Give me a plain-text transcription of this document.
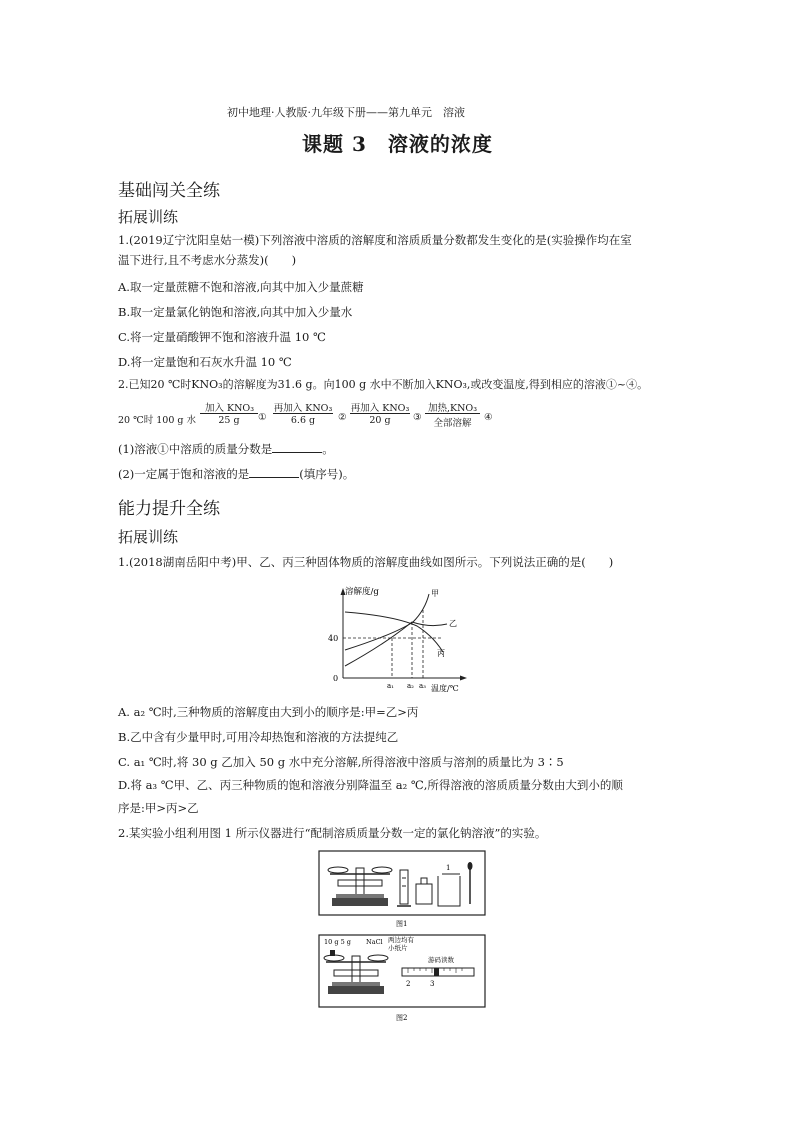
初中地理·人教版·九年级下册——第九单元　溶液
课题 3　溶液的浓度
基础闯关全练
拓展训练
1.(2019辽宁沈阳皇姑一模)下列溶液中溶质的溶解度和溶质质量分数都发生变化的是(实验操作均在室
温下进行,且不考虑水分蒸发)(　　)
A.取一定量蔗糖不饱和溶液,向其中加入少量蔗糖
B.取一定量氯化钠饱和溶液,向其中加入少量水
C.将一定量硝酸钾不饱和溶液升温 10 ℃
D.将一定量饱和石灰水升温 10 ℃
2.已知20 ℃时KNO₃的溶解度为31.6 g。向100 g 水中不断加入KNO₃,或改变温度,得到相应的溶液①~④。
20 ℃时 100 g 水
加入 KNO₃
25 g	①
再加入 KNO₃
6.6 g	②
再加入 KNO₃
20 g	③
加热,KNO₃
全部溶解
④
(1)溶液①中溶质的质量分数是	。
(2)一定属于饱和溶液的是	(填序号)。
能力提升全练
拓展训练
1.(2018湖南岳阳中考)甲、乙、丙三种固体物质的溶解度曲线如图所示。下列说法正确的是(　　)
溶解度/g
温度/℃
0
40
甲
乙
丙
a₁ a₂ a₃
A. a₂ ℃时,三种物质的溶解度由大到小的顺序是:甲=乙>丙
B.乙中含有少量甲时,可用冷却热饱和溶液的方法提纯乙
C. a₁ ℃时,将 30 g 乙加入 50 g 水中充分溶解,所得溶液中溶质与溶剂的质量比为 3∶5
D.将 a₃ ℃甲、乙、丙三种物质的饱和溶液分别降温至 a₂ ℃,所得溶液的溶质质量分数由大到小的顺
序是:甲>丙>乙
2.某实验小组利用图 1 所示仪器进行“配制溶质质量分数一定的氯化钠溶液”的实验。
1
图1
10 g 5 g NaCl 两边均有
小纸片
游码读数
2	3
图2
